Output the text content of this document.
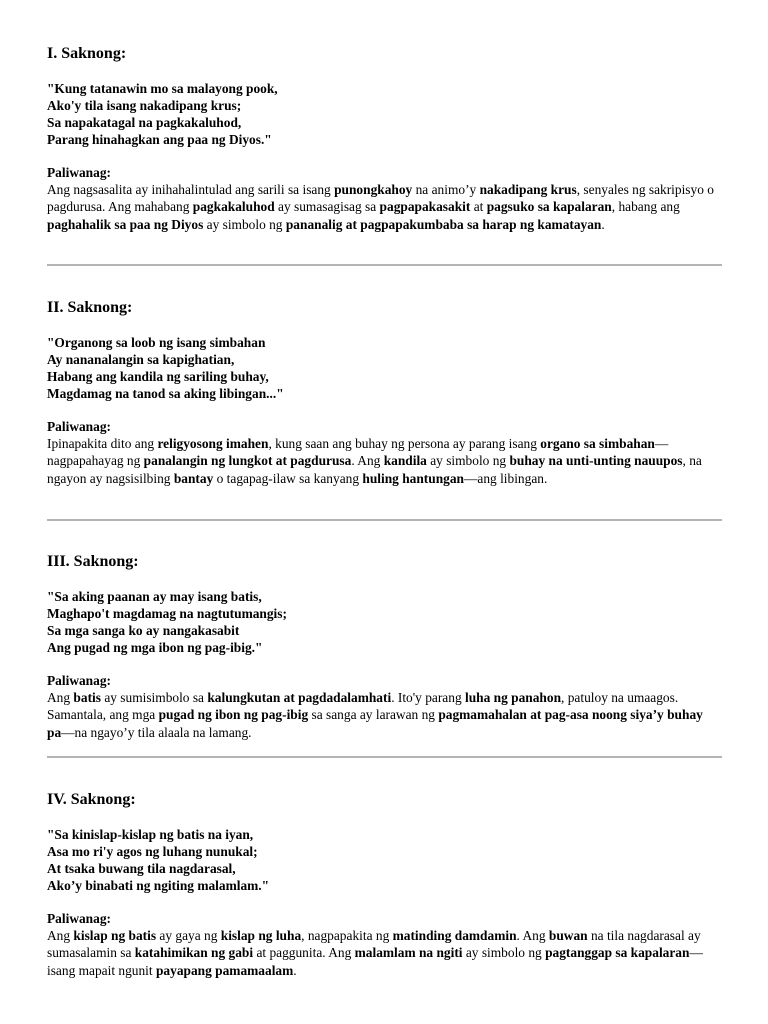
I. Saknong:
"Kung tatanawin mo sa malayong pook,
Ako'y tila isang nakadipang krus;
Sa napakatagal na pagkakaluhod,
Parang hinahagkan ang paa ng Diyos."
Paliwanag:

Ang nagsasalita ay inihahalintulad ang sarili sa isang punongkahoy na animo’y nakadipang krus, senyales ng sakripisyo o pagdurusa. Ang mahabang pagkakaluhod ay sumasagisag sa pagpapakasakit at pagsuko sa kapalaran, habang ang paghahalik sa paa ng Diyos ay simbolo ng pananalig at pagpapakumbaba sa harap ng kamatayan.

II. Saknong:
"Organong sa loob ng isang simbahan
Ay nananalangin sa kapighatian,
Habang ang kandila ng sariling buhay,
Magdamag na tanod sa aking libingan..."
Paliwanag:

Ipinapakita dito ang religyosong imahen, kung saan ang buhay ng persona ay parang isang organo sa simbahan—nagpapahayag ng panalangin ng lungkot at pagdurusa. Ang kandila ay simbolo ng buhay na unti-unting nauupos, na ngayon ay nagsisilbing bantay o tagapag-ilaw sa kanyang huling hantungan—ang libingan.

III. Saknong:
"Sa aking paanan ay may isang batis,
Maghapo't magdamag na nagtutumangis;
Sa mga sanga ko ay nangakasabit
Ang pugad ng mga ibon ng pag-ibig."
Paliwanag:

Ang batis ay sumisimbolo sa kalungkutan at pagdadalamhati. Ito'y parang luha ng panahon, patuloy na umaagos. Samantala, ang mga pugad ng ibon ng pag-ibig sa sanga ay larawan ng pagmamahalan at pag-asa noong siya’y buhay pa—na ngayo’y tila alaala na lamang.

IV. Saknong:
"Sa kinislap-kislap ng batis na iyan,
Asa mo ri'y agos ng luhang nunukal;
At tsaka buwang tila nagdarasal,
Ako’y binabati ng ngiting malamlam."
Paliwanag:

Ang kislap ng batis ay gaya ng kislap ng luha, nagpapakita ng matinding damdamin. Ang buwan na tila nagdarasal ay sumasalamin sa katahimikan ng gabi at paggunita. Ang malamlam na ngiti ay simbolo ng pagtanggap sa kapalaran—isang mapait ngunit payapang pamamaalam.
